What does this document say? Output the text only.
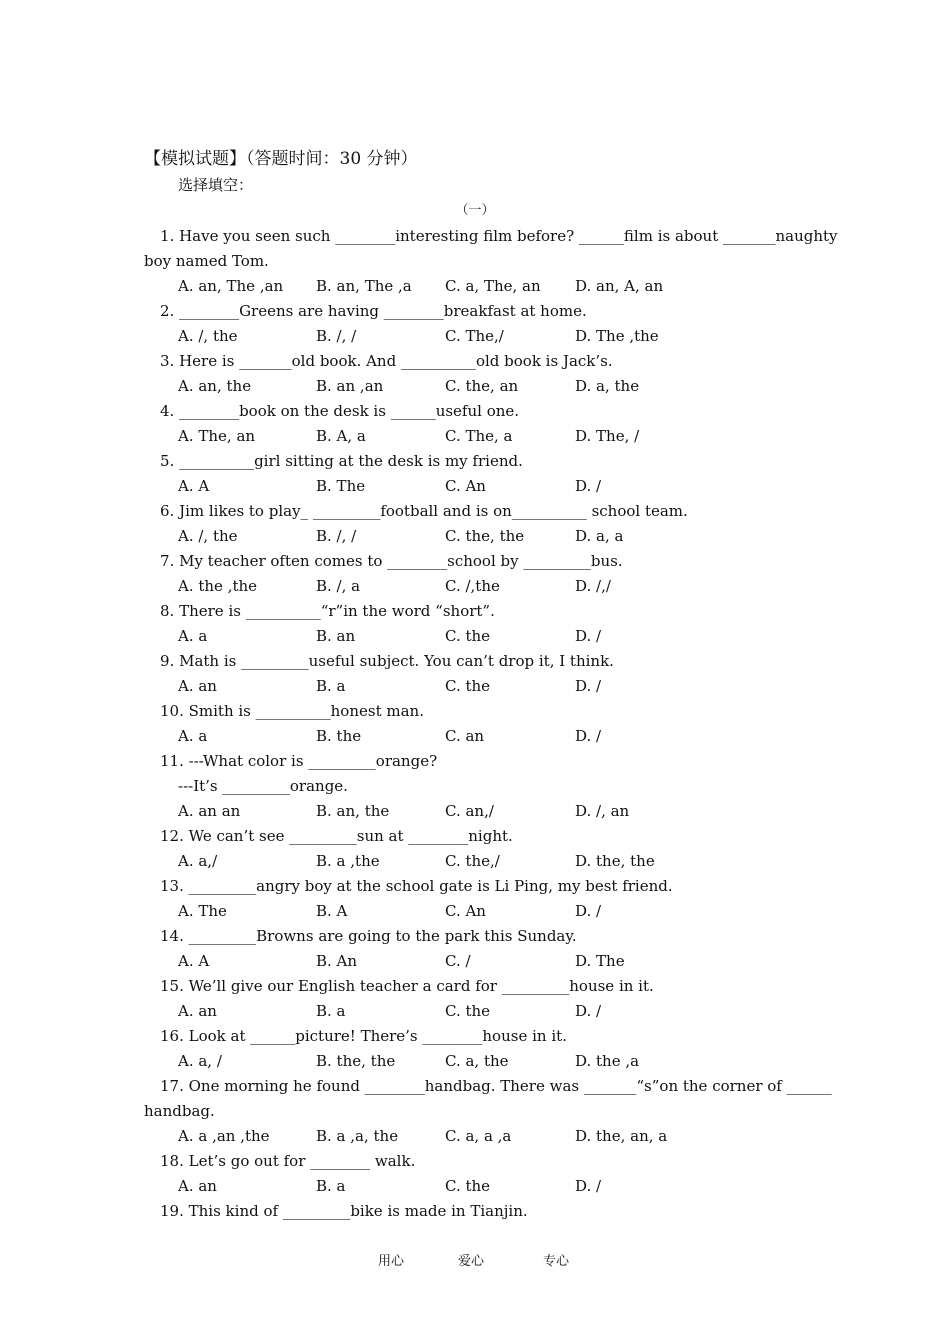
【模拟试题】（答题时间：30 分钟）
选择填空：
（一）
1. Have you seen such ________interesting film before? ______film is about _______naughty
boy named Tom.
A. an, The ,an B. an, The ,a C. a, The, an D. an, A, an
2. ________Greens are having ________breakfast at home.
A. /, the	B. /, /	C. The,/	D. The ,the
3. Here is _______old book. And __________old book is Jack’s.
A. an, the	B. an ,an	C. the, an	D. a, the
4. ________book on the desk is ______useful one.
A. The, an	B. A, a	C. The, a	D. The, /
5. __________girl sitting at the desk is my friend.
A. A	B. The	C. An	D. /
6. Jim likes to play_ _________football and is on__________ school team.
A. /, the	B. /, /	C. the, the	D. a, a
7. My teacher often comes to ________school by _________bus.
A. the ,the	B. /, a	C. /,the	D. /,/
8. There is __________“r”in the word “short”.
A. a	B. an	C. the	D. /
9. Math is _________useful subject. You can’t drop it, I think.
A. an	B. a	C. the	D. /
10. Smith is __________honest man.
A. a	B. the	C. an	D. /
11. ---What color is _________orange?
---It’s _________orange.
A. an an	B. an, the	C. an,/	D. /, an
12. We can’t see _________sun at ________night.
A. a,/	B. a ,the	C. the,/	D. the, the
13. _________angry boy at the school gate is Li Ping, my best friend.
A. The	B. A	C. An	D. /
14. _________Browns are going to the park this Sunday.
A. A	B. An	C. /	D. The
15. We’ll give our English teacher a card for _________house in it.
A. an	B. a	C. the	D. /
16. Look at ______picture! There’s ________house in it.
A. a, /	B. the, the	C. a, the	D. the ,a
17. One morning he found ________handbag. There was _______“s”on the corner of ______
handbag.
A. a ,an ,the	B. a ,a, the	C. a, a ,a	D. the, an, a
18. Let’s go out for ________ walk.
A. an	B. a	C. the	D. /
19. This kind of _________bike is made in Tianjin.
用心	爱心	专心
